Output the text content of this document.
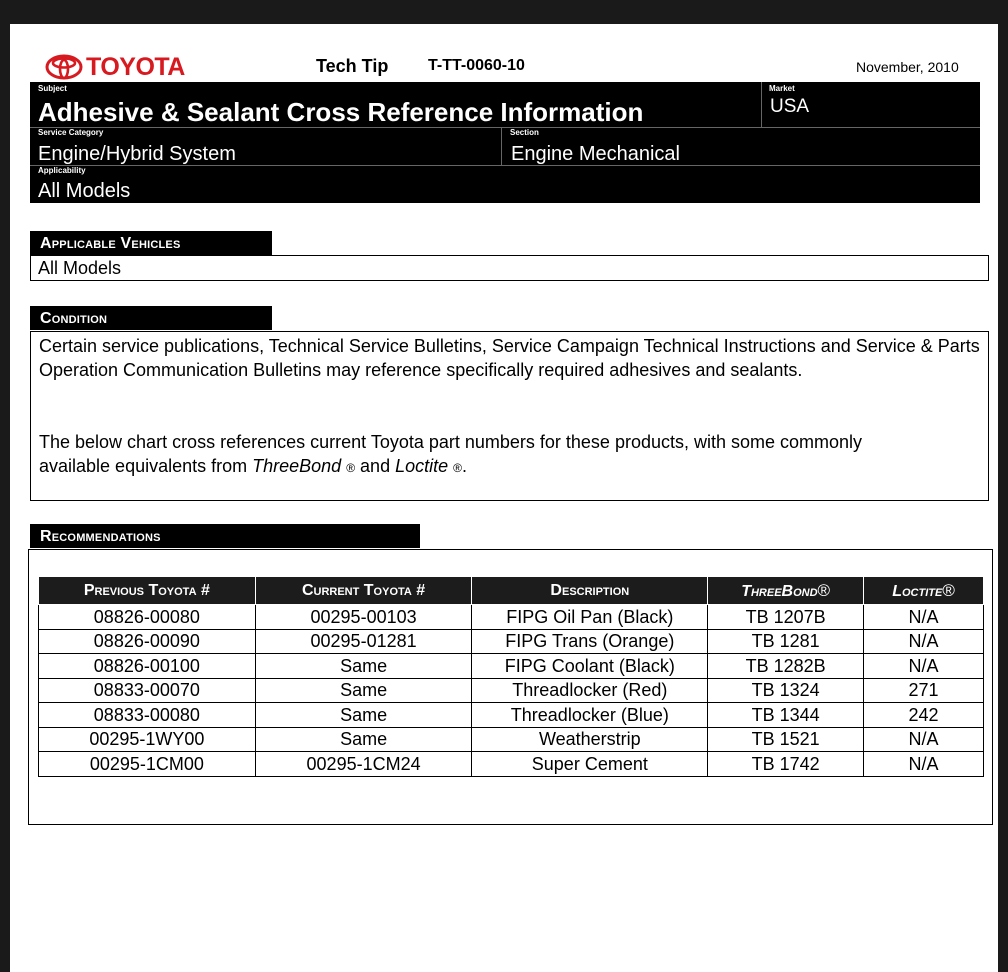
TOYOTA	Tech Tip T-TT-0060-10	November, 2010
Subject
Adhesive & Sealant Cross Reference Information
Market
USA
Service Category
Engine/Hybrid System
Section
Engine Mechanical
Applicability
All Models
Applicable Vehicles
All Models
Condition
Certain service publications, Technical Service Bulletins, Service Campaign Technical Instructions and Service & Parts Operation Communication Bulletins may reference specifically required adhesives and sealants.
The below chart cross references current Toyota part numbers for these products, with some commonly available equivalents from ThreeBond ® and Loctite ®.
Recommendations
Previous Toyota #	Current Toyota #	Description	ThreeBond®	Loctite®
08826-00080	00295-00103	FIPG Oil Pan (Black)	TB 1207B	N/A
08826-00090	00295-01281	FIPG Trans (Orange)	TB 1281	N/A
08826-00100	Same	FIPG Coolant (Black)	TB 1282B	N/A
08833-00070	Same	Threadlocker (Red)	TB 1324	271
08833-00080	Same	Threadlocker (Blue)	TB 1344	242
00295-1WY00	Same	Weatherstrip	TB 1521	N/A
00295-1CM00	00295-1CM24	Super Cement	TB 1742	N/A
